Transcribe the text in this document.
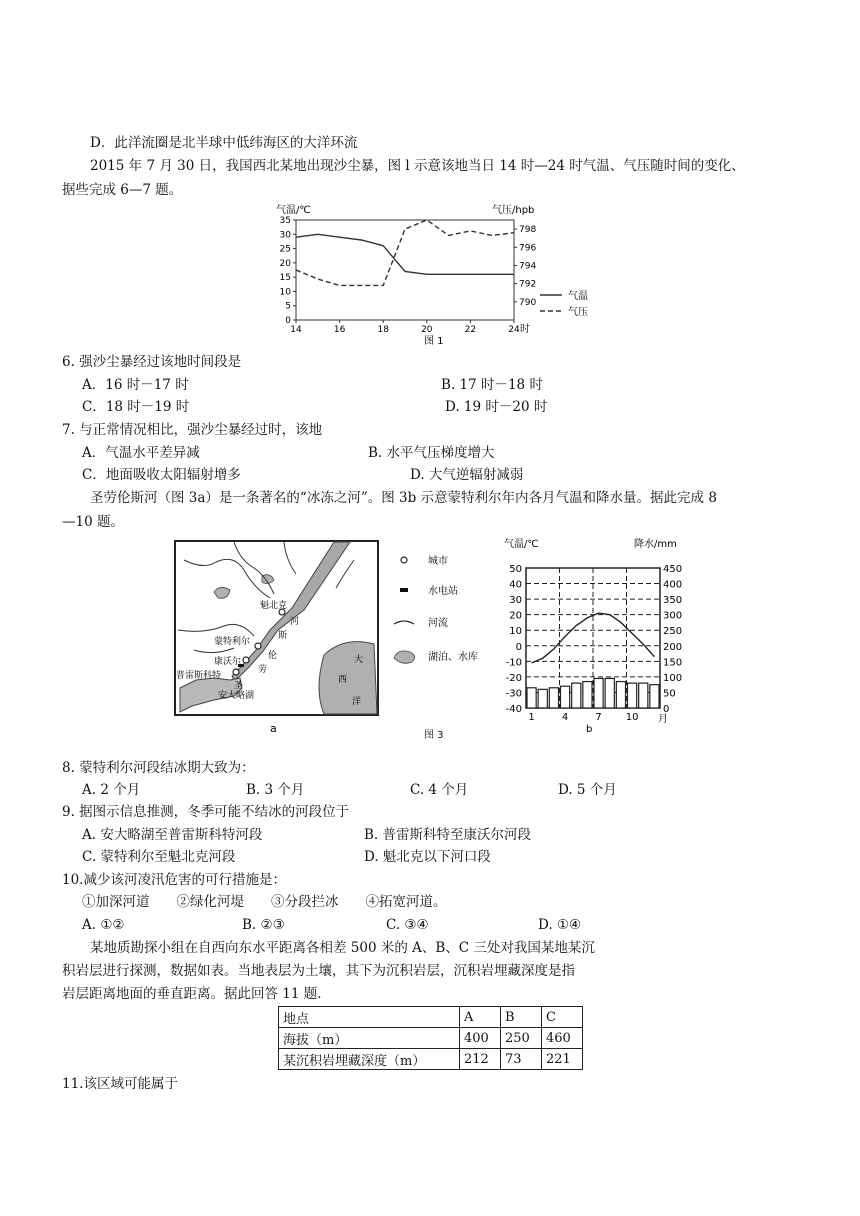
D．此洋流圈是北半球中低纬海区的大洋环流
2015 年 7 月 30 日，我国西北某地出现沙尘暴，图 l 示意该地当日 14 时—24 时气温、气压随时间的变化、
据些完成 6—7 题。
气温/℃	气压/hpb
时
图 1
0
5
10
15
20
25
30
35
790
792
794
796
798
14	16	18	20	22	24
气温
气压
6. 强沙尘暴经过该地时间段是
A．16 时－17 时	B. 17 时－18 时
C．18 时－19 时	D. 19 时－20 时
7. 与正常情况相比，强沙尘暴经过时，该地
A．气温水平差异减	B. 水平气压梯度增大
C．地面吸收太阳辐射增多	D. 大气逆辐射减弱
圣劳伦斯河（图 3a）是一条著名的“冰冻之河”。图 3b 示意蒙特利尔年内各月气温和降水量。据此完成 8
—10 题。
魁北克
蒙特利尔
康沃尔
普雷斯科特
安大略湖
圣
劳
伦
斯
河
大
西
洋
a
城市
水电站
河流
湖泊、水库
气温/℃	降水/mm
月
b
50
40
30
20
10
0
-10
-20
-30
-40
450
400
350
300
250
200
150
100
50
0
1	4	7 10
图 3
8. 蒙特利尔河段结冰期大致为：
A. 2 个月	B. 3 个月	C. 4 个月	D. 5 个月
9. 据图示信息推测，冬季可能不结冰的河段位于
A. 安大略湖至普雷斯科特河段	B. 普雷斯科特至康沃尔河段
C. 蒙特利尔至魁北克河段	D. 魁北克以下河口段
10.减少该河凌汛危害的可行措施是：
①加深河道　　②绿化河堤　　③分段拦冰　　④拓宽河道。
A. ①②	B. ②③	C. ③④	D. ①④
某地质勘探小组在自西向东水平距离各相差 500 米的 A、B、C 三处对我国某地某沉
积岩层进行探测，数据如表。当地表层为土壤，其下为沉积岩层，沉积岩埋藏深度是指
岩层距离地面的垂直距离。据此回答 11 题.
地点	A	B	C
海拔（m）	400	250	460
某沉积岩埋藏深度（m）	212	73	221
11.该区域可能属于
